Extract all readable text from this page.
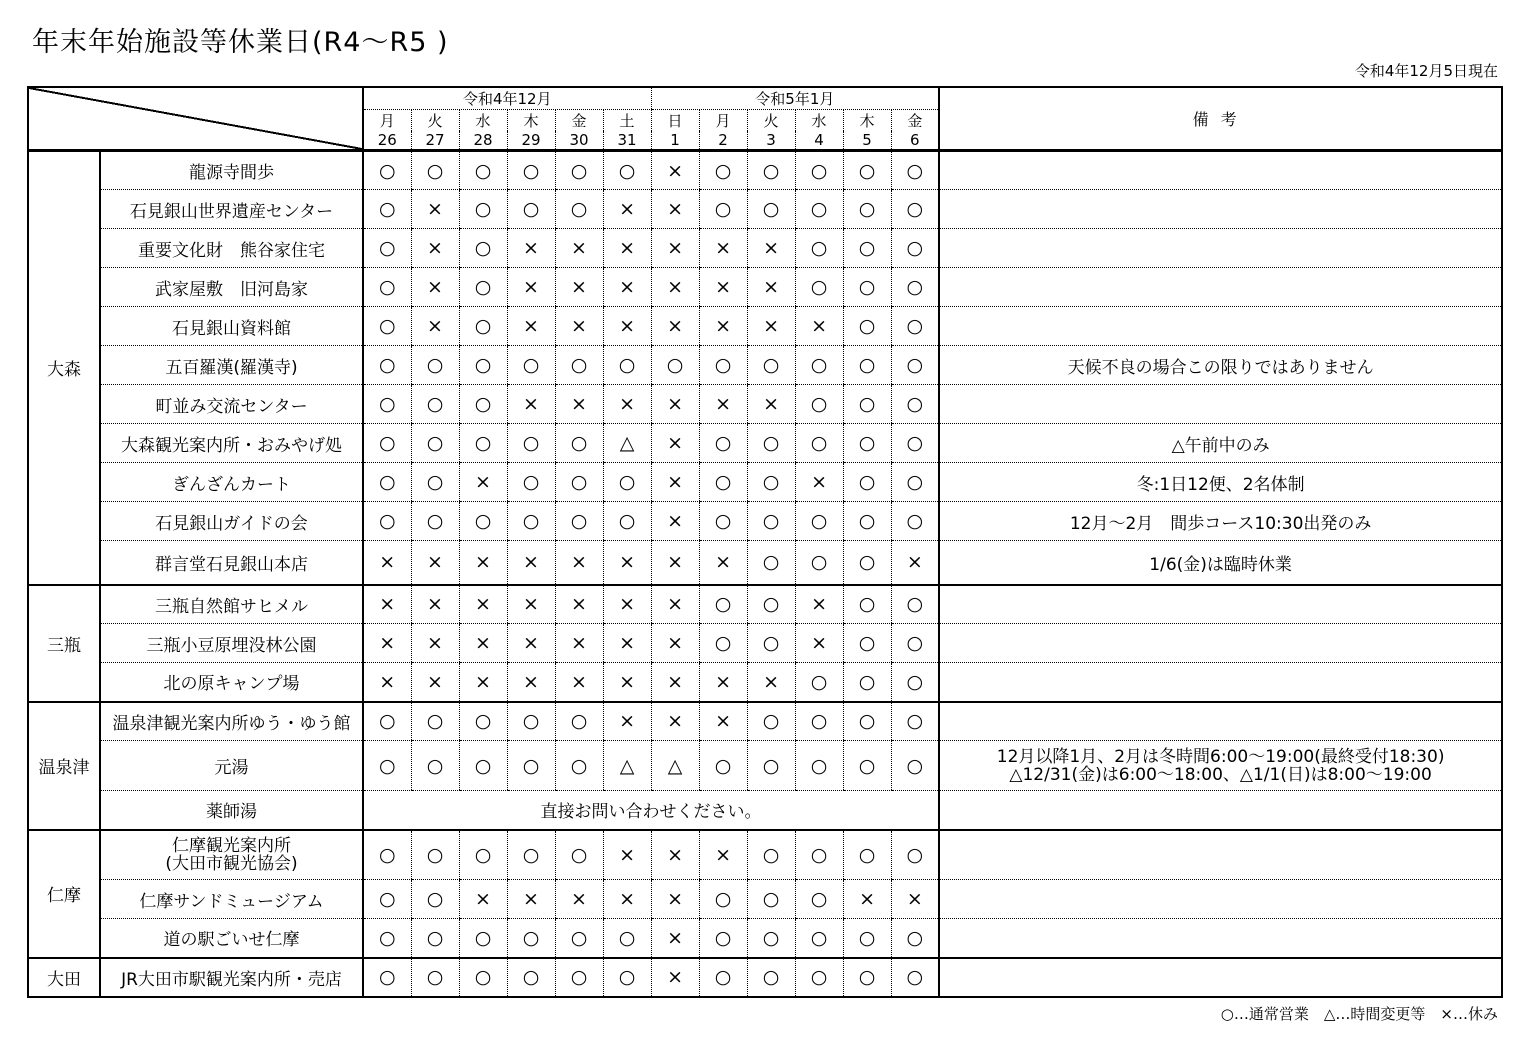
年末年始施設等休業日(R4〜R5 )
令和4年12月5日現在
		令和4年12月						令和5年1月						備考
		月	火	水	木	金	土	日	月	火	水	木	金	
		26	27	28	29	30	31	1	2	3	4	5	6	
大森	龍源寺間歩	○	○	○	○	○	○	×	○	○	○	○	○	
	石見銀山世界遺産センター	○	×	○	○	○	×	×	○	○	○	○	○	
	重要文化財　熊谷家住宅	○	×	○	×	×	×	×	×	×	○	○	○	
	武家屋敷　旧河島家	○	×	○	×	×	×	×	×	×	○	○	○	
	石見銀山資料館	○	×	○	×	×	×	×	×	×	×	○	○	
	五百羅漢(羅漢寺)	○	○	○	○	○	○	○	○	○	○	○	○	天候不良の場合この限りではありません
	町並み交流センター	○	○	○	×	×	×	×	×	×	○	○	○	
	大森観光案内所・おみやげ処	○	○	○	○	○	△	×	○	○	○	○	○	△午前中のみ
	ぎんざんカート	○	○	×	○	○	○	×	○	○	×	○	○	冬:1日12便、2名体制
	石見銀山ガイドの会	○	○	○	○	○	○	×	○	○	○	○	○	12月〜2月　間歩コース10:30出発のみ
	群言堂石見銀山本店	×	×	×	×	×	×	×	×	○	○	○	×	1/6(金)は臨時休業
三瓶	三瓶自然館サヒメル	×	×	×	×	×	×	×	○	○	×	○	○	
	三瓶小豆原埋没林公園	×	×	×	×	×	×	×	○	○	×	○	○	
	北の原キャンプ場	×	×	×	×	×	×	×	×	×	○	○	○	
温泉津	温泉津観光案内所ゆう・ゆう館	○	○	○	○	○	×	×	×	○	○	○	○	
	元湯	○	○	○	○	○	△	△	○	○	○	○	○	12月以降1月、2月は冬時間6:00〜19:00(最終受付18:30)
△12/31(金)は6:00〜18:00、△1/1(日)は8:00〜19:00
	薬師湯	直接お問い合わせください。												
仁摩	仁摩観光案内所
(大田市観光協会)	○	○	○	○	○	×	×	×	○	○	○	○	
	仁摩サンドミュージアム	○	○	×	×	×	×	×	○	○	○	×	×	
	道の駅ごいせ仁摩	○	○	○	○	○	○	×	○	○	○	○	○	
大田	JR大田市駅観光案内所・売店	○	○	○	○	○	○	×	○	○	○	○	○	
○…通常営業　△…時間変更等　×…休み
